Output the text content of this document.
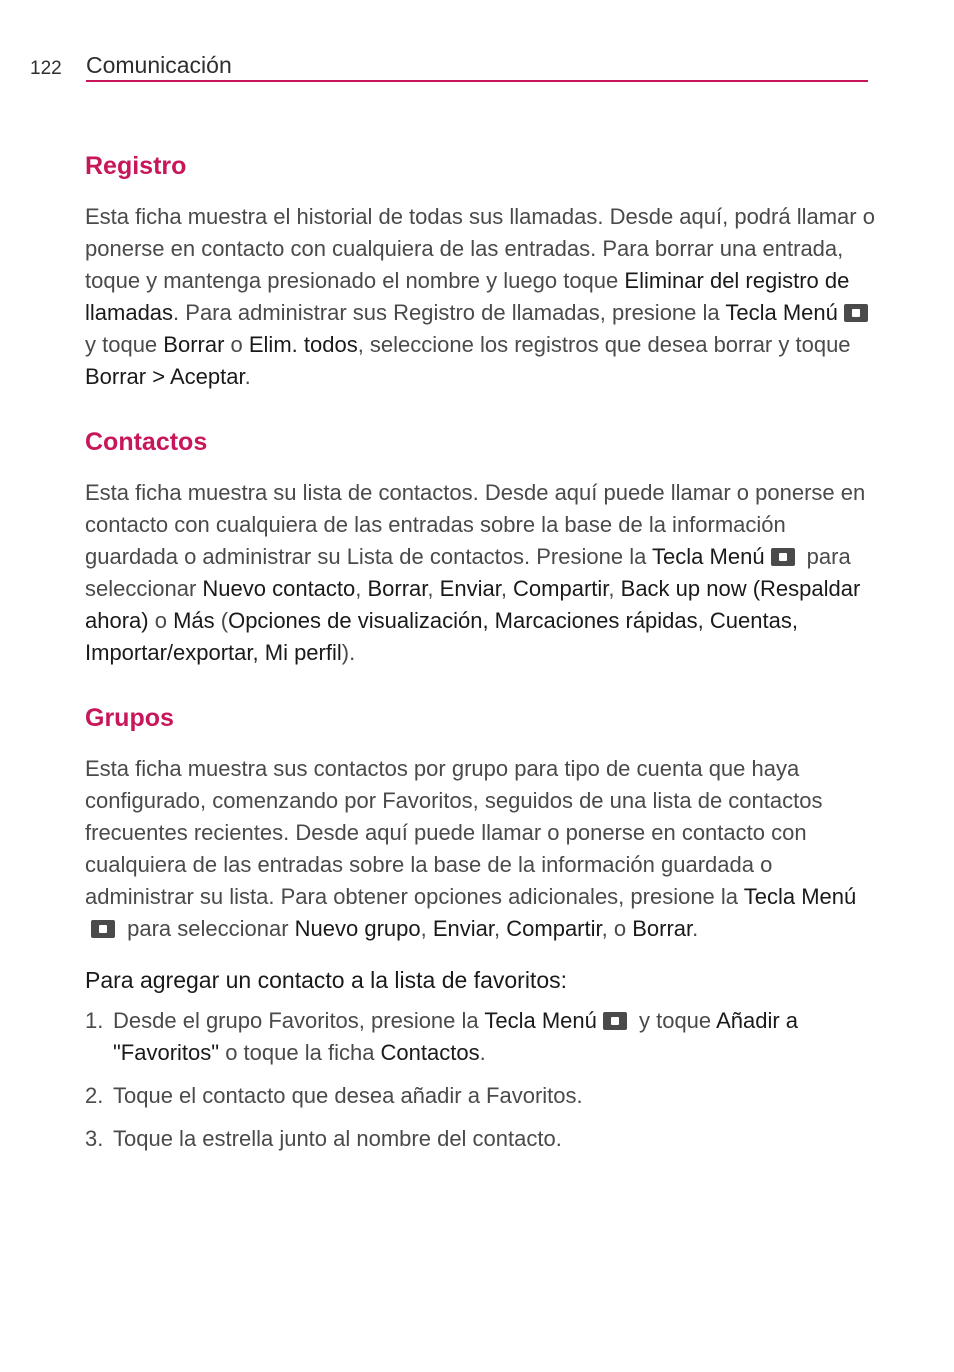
122 Comunicación
Registro

Esta ficha muestra el historial de todas sus llamadas. Desde aquí, podrá llamar o ponerse en contacto con cualquiera de las entradas. Para borrar una entrada, toque y mantenga presionado el nombre y luego toque Eliminar del registro de llamadas. Para administrar sus Registro de llamadas, presione la Tecla Menú y toque Borrar o Elim. todos, seleccione los registros que desea borrar y toque Borrar > Aceptar.

Contactos

Esta ficha muestra su lista de contactos. Desde aquí puede llamar o ponerse en contacto con cualquiera de las entradas sobre la base de la información guardada o administrar su Lista de contactos. Presione la Tecla Menú para seleccionar Nuevo contacto, Borrar, Enviar, Compartir, Back up now (Respaldar ahora) o Más (Opciones de visualización, Marcaciones rápidas, Cuentas, Importar/exportar, Mi perfil).

Grupos

Esta ficha muestra sus contactos por grupo para tipo de cuenta que haya configurado, comenzando por Favoritos, seguidos de una lista de contactos frecuentes recientes. Desde aquí puede llamar o ponerse en contacto con cualquiera de las entradas sobre la base de la información guardada o administrar su lista. Para obtener opciones adicionales, presione la Tecla Menú para seleccionar Nuevo grupo, Enviar, Compartir, o Borrar.

Para agregar un contacto a la lista de favoritos:
1. Desde el grupo Favoritos, presione la Tecla Menú y toque Añadir a "Favoritos" o toque la ficha Contactos.
2. Toque el contacto que desea añadir a Favoritos.
3. Toque la estrella junto al nombre del contacto.
